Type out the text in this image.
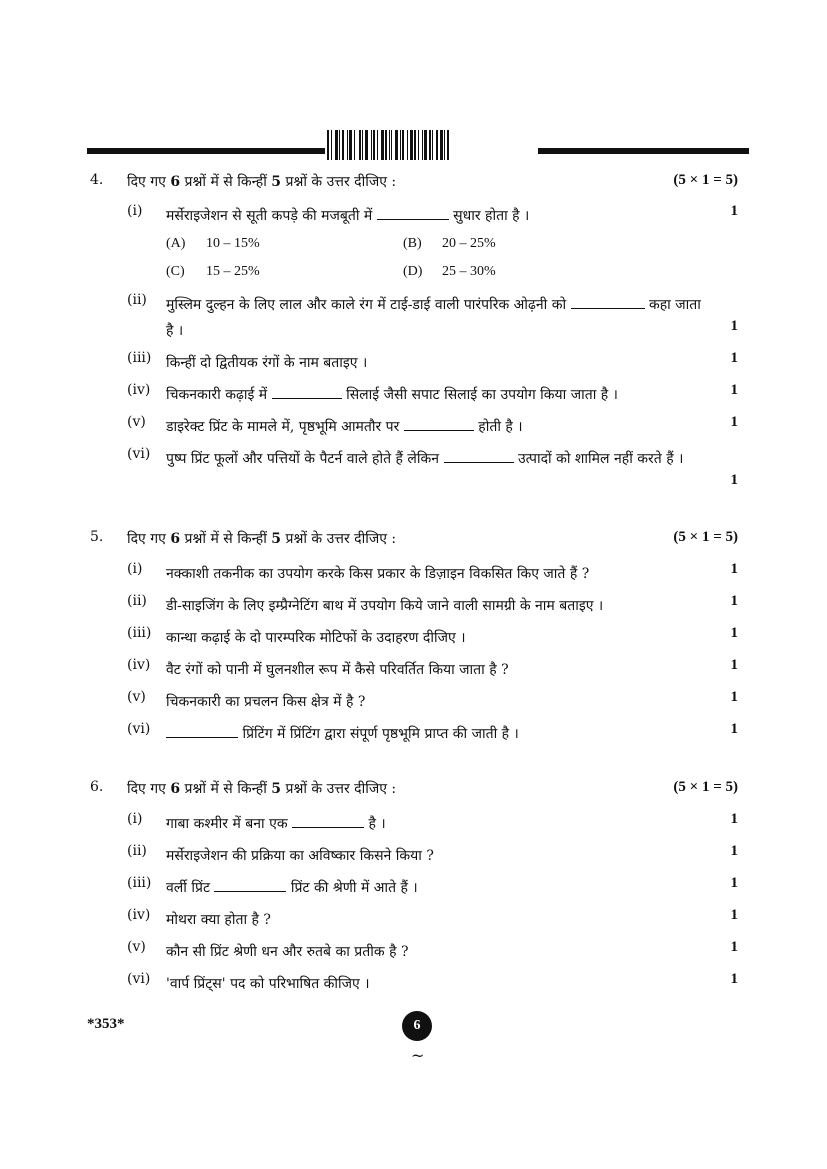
4. दिए गए 6 प्रश्नों में से किन्हीं 5 प्रश्नों के उत्तर दीजिए :	(5 × 1 = 5)
(i) मर्सेराइजेशन से सूती कपड़े की मजबूती में	सुधार होता है ।	1
(A) 10 – 15%	(B) 20 – 25%
(C) 15 – 25%	(D) 25 – 30%
(ii) मुस्लिम दुल्हन के लिए लाल और काले रंग में टाई-डाई वाली पारंपरिक ओढ़नी को	कहा जाता है ।	1
(iii) किन्हीं दो द्वितीयक रंगों के नाम बताइए ।	1
(iv) चिकनकारी कढ़ाई में	सिलाई जैसी सपाट सिलाई का उपयोग किया जाता है ।	1
(v) डाइरेक्ट प्रिंट के मामले में, पृष्ठभूमि आमतौर पर	होती है ।	1
(vi) पुष्प प्रिंट फूलों और पत्तियों के पैटर्न वाले होते हैं लेकिन	उत्पादों को शामिल नहीं करते हैं ।
1
5. दिए गए 6 प्रश्नों में से किन्हीं 5 प्रश्नों के उत्तर दीजिए :	(5 × 1 = 5)
(i) नक्काशी तकनीक का उपयोग करके किस प्रकार के डिज़ाइन विकसित किए जाते हैं ?	1
(ii) डी-साइजिंग के लिए इम्प्रैग्नेटिंग बाथ में उपयोग किये जाने वाली सामग्री के नाम बताइए ।	1
(iii) कान्था कढ़ाई के दो पारम्परिक मोटिफों के उदाहरण दीजिए ।	1
(iv) वैट रंगों को पानी में घुलनशील रूप में कैसे परिवर्तित किया जाता है ?	1
(v) चिकनकारी का प्रचलन किस क्षेत्र में है ?	1
(vi)	प्रिंटिंग में प्रिंटिंग द्वारा संपूर्ण पृष्ठभूमि प्राप्त की जाती है ।	1
6. दिए गए 6 प्रश्नों में से किन्हीं 5 प्रश्नों के उत्तर दीजिए :	(5 × 1 = 5)
(i) गाबा कश्मीर में बना एक	है ।	1
(ii) मर्सेराइजेशन की प्रक्रिया का अविष्कार किसने किया ?	1
(iii) वर्ली प्रिंट	प्रिंट की श्रेणी में आते हैं ।	1
(iv) मोथरा क्या होता है ?	1
(v) कौन सी प्रिंट श्रेणी धन और रुतबे का प्रतीक है ?	1
(vi) 'वार्प प्रिंट्स' पद को परिभाषित कीजिए ।	1
*353*	6
~
